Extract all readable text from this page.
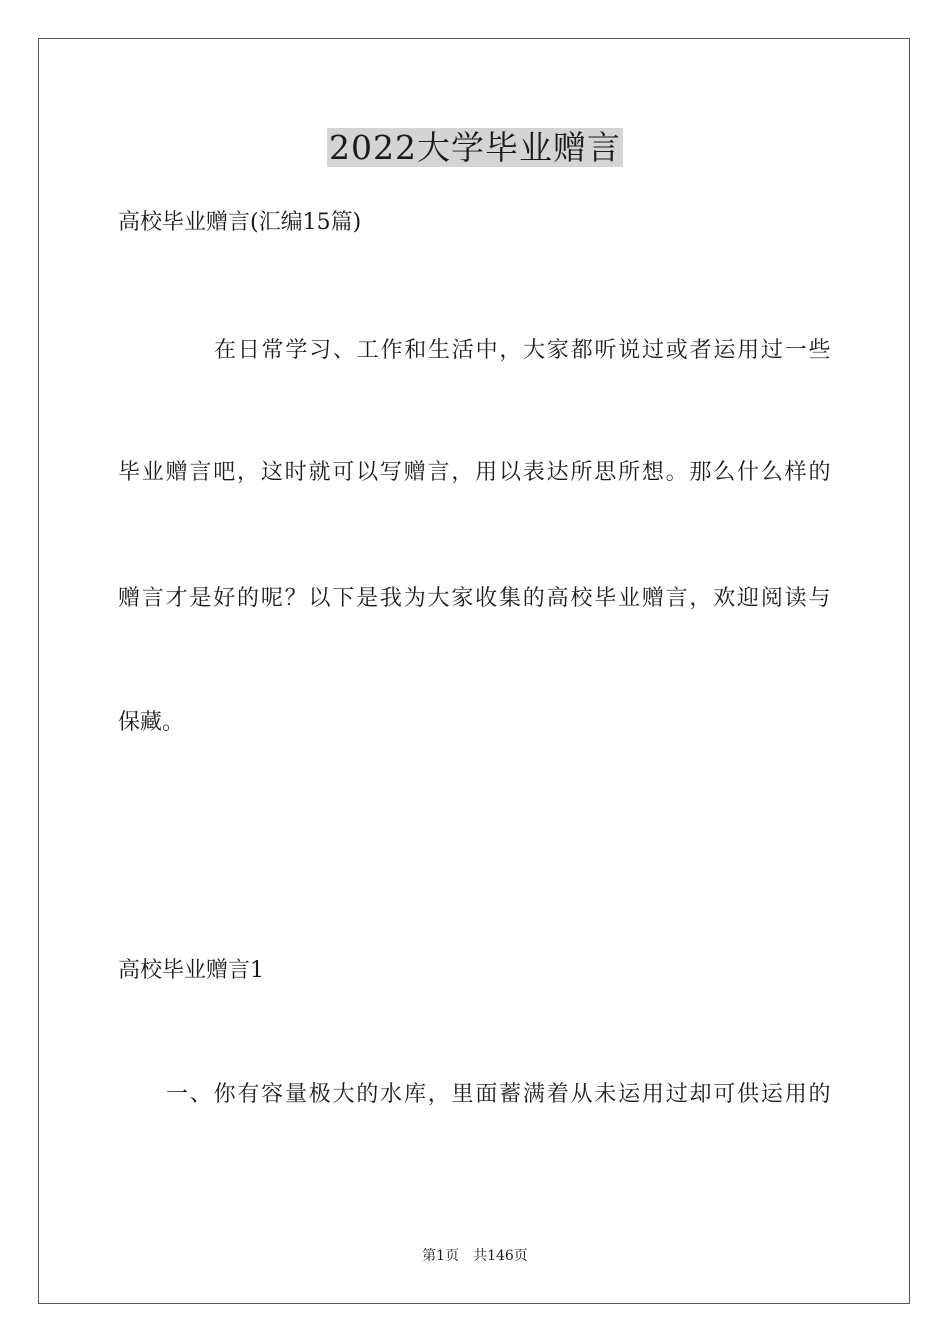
2022大学毕业赠言
高校毕业赠言(汇编15篇)
在日常学习、工作和生活中，大家都听说过或者运用过一些
毕业赠言吧，这时就可以写赠言，用以表达所思所想。那么什么样的
赠言才是好的呢？以下是我为大家收集的高校毕业赠言，欢迎阅读与
保藏。
高校毕业赠言1
一、你有容量极大的水库，里面蓄满着从未运用过却可供运用的
第1页　共146页
